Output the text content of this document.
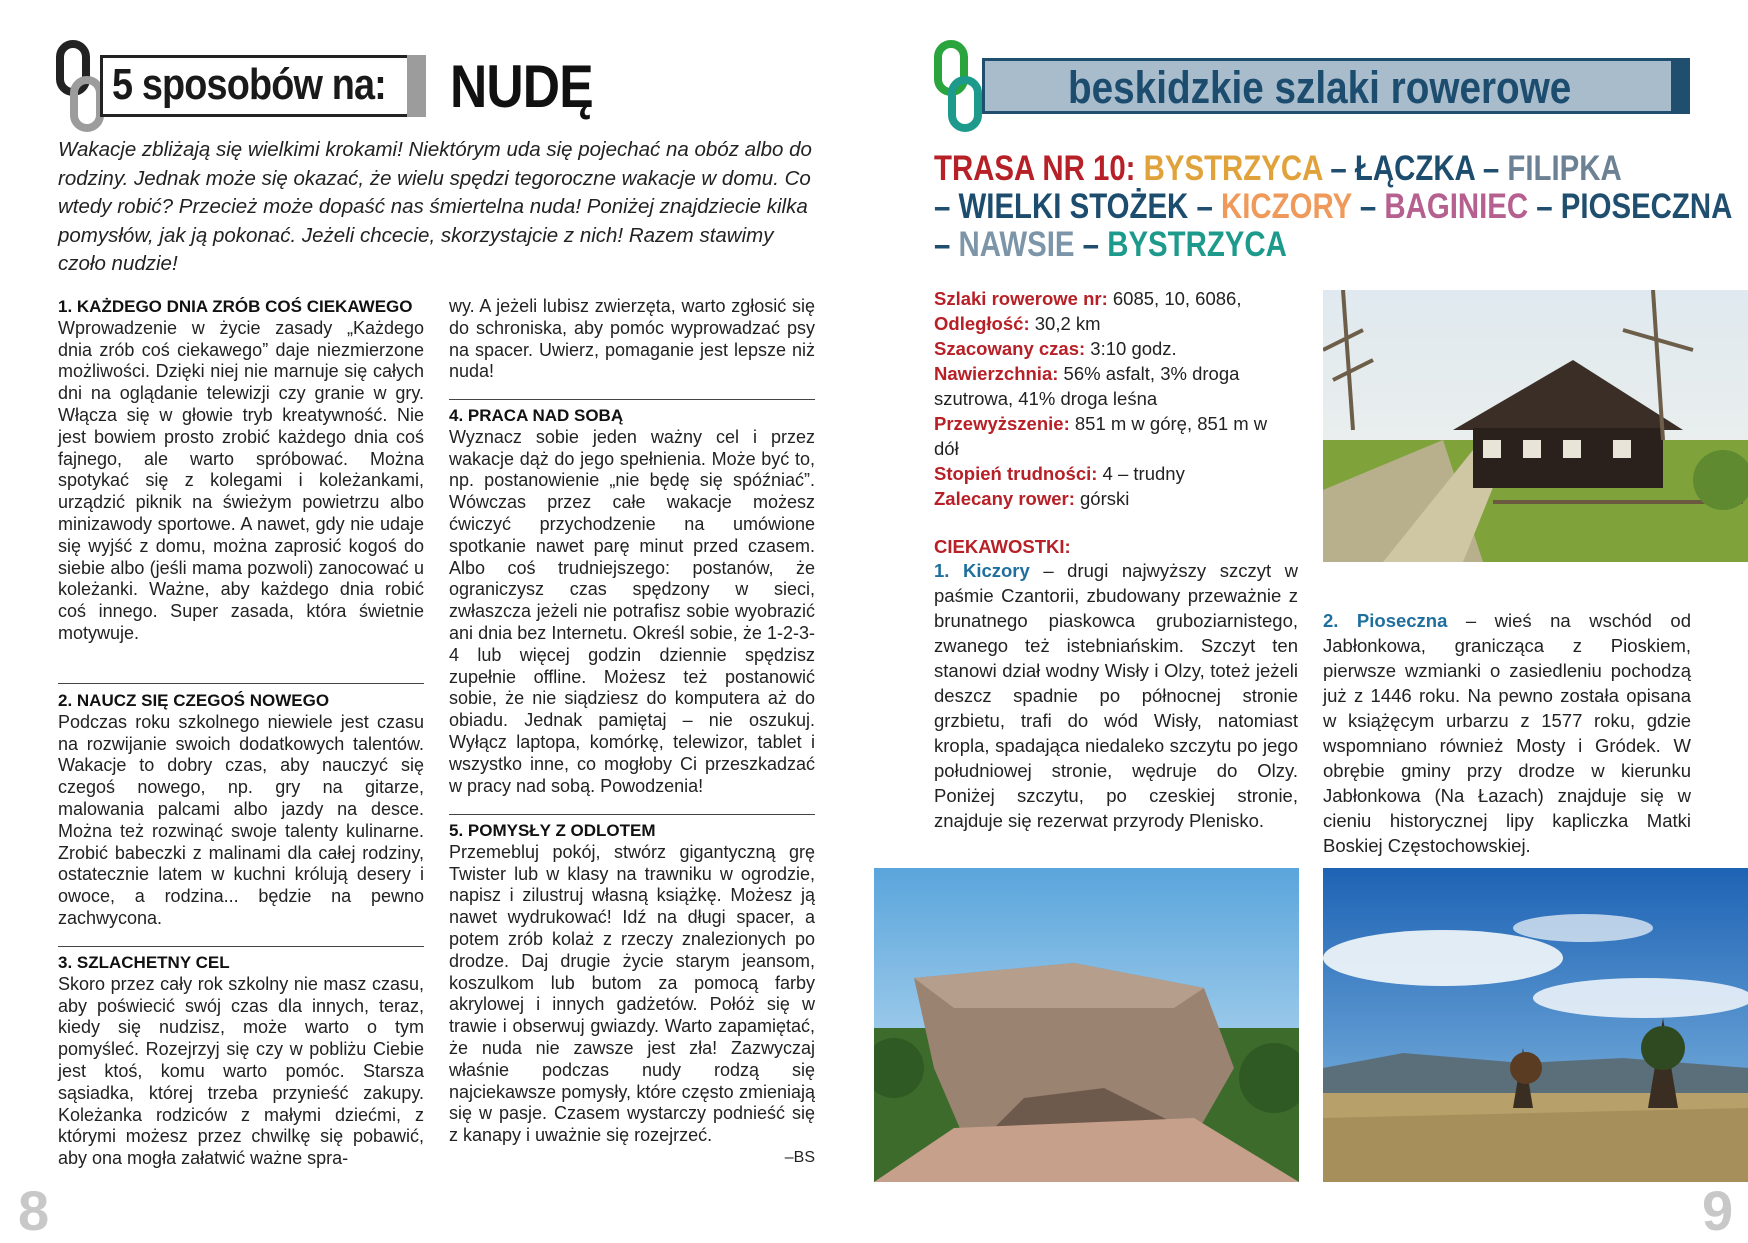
5 sposobów na: NUDĘ
Wakacje zbliżają się wielkimi krokami! Niektórym uda się pojechać na obóz albo do rodziny. Jednak może się okazać, że wielu spędzi tegoroczne wakacje w domu. Co wtedy robić? Przecież może dopaść nas śmiertelna nuda! Poniżej znajdziecie kilka pomysłów, jak ją pokonać. Jeżeli chcecie, skorzystajcie z nich! Razem stawimy czoło nudzie!

1. KAŻDEGO DNIA ZRÓB COŚ CIEKAWEGO

Wprowadzenie w życie zasady „Każdego dnia zrób coś ciekawego” daje niezmierzone możliwości. Dzięki niej nie marnuje się całych dni na oglądanie telewizji czy granie w gry. Włącza się w głowie tryb kreatywność. Nie jest bowiem prosto zrobić każdego dnia coś fajnego, ale warto spróbować. Można spotykać się z kolegami i koleżankami, urządzić piknik na świeżym powietrzu albo minizawody sportowe. A nawet, gdy nie udaje się wyjść z domu, można zaprosić kogoś do siebie albo (jeśli mama pozwoli) zanocować u koleżanki. Ważne, aby każdego dnia robić coś innego. Super zasada, która świetnie motywuje.

2. NAUCZ SIĘ CZEGOŚ NOWEGO

Podczas roku szkolnego niewiele jest czasu na rozwijanie swoich dodatkowych talentów. Wakacje to dobry czas, aby nauczyć się czegoś nowego, np. gry na gitarze, malowania palcami albo jazdy na desce. Można też rozwinąć swoje talenty kulinarne. Zrobić babeczki z malinami dla całej rodziny, ostatecznie latem w kuchni królują desery i owoce, a rodzina... będzie na pewno zachwycona.

3. SZLACHETNY CEL

Skoro przez cały rok szkolny nie masz czasu, aby poświecić swój czas dla innych, teraz, kiedy się nudzisz, może warto o tym pomyśleć. Rozejrzyj się czy w pobliżu Ciebie jest ktoś, komu warto pomóc. Starsza sąsiadka, której trzeba przynieść zakupy. Koleżanka rodziców z małymi dziećmi, z którymi możesz przez chwilkę się pobawić, aby ona mogła załatwić ważne spra-

wy. A jeżeli lubisz zwierzęta, warto zgłosić się do schroniska, aby pomóc wyprowadzać psy na spacer. Uwierz, pomaganie jest lepsze niż nuda!

4. PRACA NAD SOBĄ

Wyznacz sobie jeden ważny cel i przez wakacje dąż do jego spełnienia. Może być to, np. postanowienie „nie będę się spóźniać”. Wówczas przez całe wakacje możesz ćwiczyć przychodzenie na umówione spotkanie nawet parę minut przed czasem. Albo coś trudniejszego: postanów, że ograniczysz czas spędzony w sieci, zwłaszcza jeżeli nie potrafisz sobie wyobrazić ani dnia bez Internetu. Określ sobie, że 1-2-3-4 lub więcej godzin dziennie spędzisz zupełnie offline. Możesz też postanowić sobie, że nie siądziesz do komputera aż do obiadu. Jednak pamiętaj – nie oszukuj. Wyłącz laptopa, komórkę, telewizor, tablet i wszystko inne, co mogłoby Ci przeszkadzać w pracy nad sobą. Powodzenia!

5. POMYSŁY Z ODLOTEM

Przemebluj pokój, stwórz gigantyczną grę Twister lub w klasy na trawniku w ogrodzie, napisz i zilustruj własną książkę. Możesz ją nawet wydrukować! Idź na długi spacer, a potem zrób kolaż z rzeczy znalezionych po drodze. Daj drugie życie starym jeansom, koszulkom lub butom za pomocą farby akrylowej i innych gadżetów. Połóż się w trawie i obserwuj gwiazdy. Warto zapamiętać, że nuda nie zawsze jest zła! Zazwyczaj właśnie podczas nudy rodzą się najciekawsze pomysły, które często zmieniają się w pasje. Czasem wystarczy podnieść się z kanapy i uważnie się rozejrzeć.

–BS

8
beskidzkie szlaki rowerowe
TRASA NR 10: BYSTRZYCA – ŁĄCZKA – FILIPKA
– WIELKI STOŻEK – KICZORY – BAGINIEC – PIOSECZNA
– NAWSIE – BYSTRZYCA
Szlaki rowerowe nr: 6085, 10, 6086,
Odległość: 30,2 km
Szacowany czas: 3:10 godz.
Nawierzchnia: 56% asfalt, 3% droga szutrowa, 41% droga leśna
Przewyższenie: 851 m w górę, 851 m w dół
Stopień trudności: 4 – trudny
Zalecany rower: górski
CIEKAWOSTKI:
1. Kiczory – drugi najwyższy szczyt w paśmie Czantorii, zbudowany przeważnie z brunatnego piaskowca gruboziarnistego, zwanego też istebniańskim. Szczyt ten stanowi dział wodny Wisły i Olzy, toteż jeżeli deszcz spadnie po północnej stronie grzbietu, trafi do wód Wisły, natomiast kropla, spadająca niedaleko szczytu po jego południowej stronie, wędruje do Olzy. Poniżej szczytu, po czeskiej stronie, znajduje się rezerwat przyrody Plenisko.
2. Pioseczna – wieś na wschód od Jabłonkowa, granicząca z Pioskiem, pierwsze wzmianki o zasiedleniu pochodzą już z 1446 roku. Na pewno została opisana w książęcym urbarzu z 1577 roku, gdzie wspomniano również Mosty i Gródek. W obrębie gminy przy drodze w kierunku Jabłonkowa (Na Łazach) znajduje się w cieniu historycznej lipy kapliczka Matki Boskiej Częstochowskiej.
9
